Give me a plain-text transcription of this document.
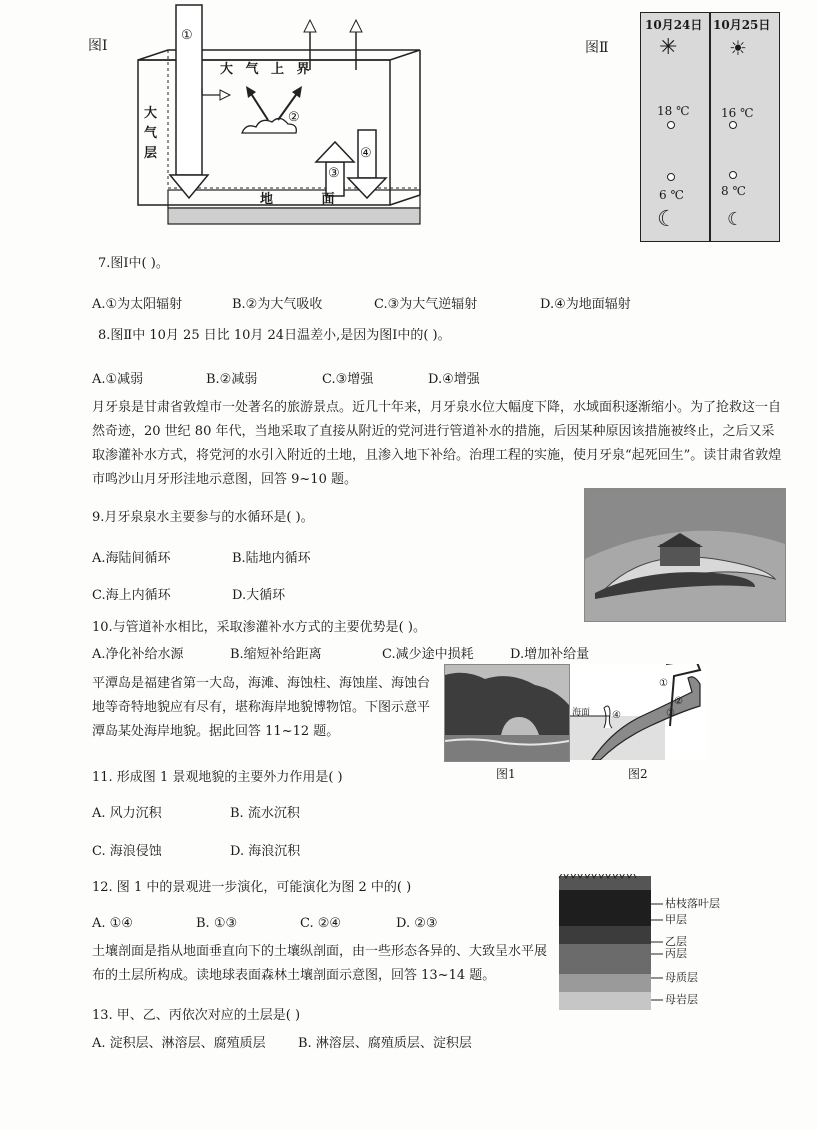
图Ⅰ
①
②
③
④
大 气 上 界
大
气
层
地 面
图Ⅱ
10月24日 10月25日
✳	☀
18 ℃	16 ℃
6 ℃	8 ℃
☾	☾
7.图Ⅰ中( )。
A.①为太阳辐射	B.②为大气吸收	C.③为大气逆辐射	D.④为地面辐射
8.图Ⅱ中 10月 25 日比 10月 24日温差小,是因为图Ⅰ中的( )。
A.①减弱	B.②减弱	C.③增强	D.④增强
月牙泉是甘肃省敦煌市一处著名的旅游景点。近几十年来，月牙泉水位大幅度下降，水域面积逐渐缩小。为了抢救这一自然奇迹，20 世纪 80 年代，当地采取了直接从附近的党河进行管道补水的措施，后因某种原因该措施被终止，之后又采取渗灌补水方式，将党河的水引入附近的土地，且渗入地下补给。治理工程的实施，使月牙泉“起死回生”。读甘肃省敦煌市鸣沙山月牙形洼地示意图，回答 9~10 题。
9.月牙泉泉水主要参与的水循环是( )。
A.海陆间循环	B.陆地内循环
C.海上内循环	D.大循环
10.与管道补水相比，采取渗灌补水方式的主要优势是( )。
A.净化补给水源	B.缩短补给距离	C.减少途中损耗	D.增加补给量
平潭岛是福建省第一大岛，海滩、海蚀柱、海蚀崖、海蚀台地等奇特地貌应有尽有，堪称海岸地貌博物馆。下图示意平潭岛某处海岸地貌。据此回答 11~12 题。
海面
①
②
③
④
图1	图2
11. 形成图 1 景观地貌的主要外力作用是( )
A. 风力沉积	B. 流水沉积
C. 海浪侵蚀	D. 海浪沉积
12. 图 1 中的景观进一步演化，可能演化为图 2 中的( )
A. ①④	B. ①③	C. ②④	D. ②③
枯枝落叶层
甲层
乙层
丙层
母质层
母岩层
土壤剖面是指从地面垂直向下的土壤纵剖面，由一些形态各异的、大致呈水平展布的土层所构成。读地球表面森林土壤剖面示意图，回答 13~14 题。
13. 甲、乙、丙依次对应的土层是( )
A. 淀积层、淋溶层、腐殖质层 B. 淋溶层、腐殖质层、淀积层
